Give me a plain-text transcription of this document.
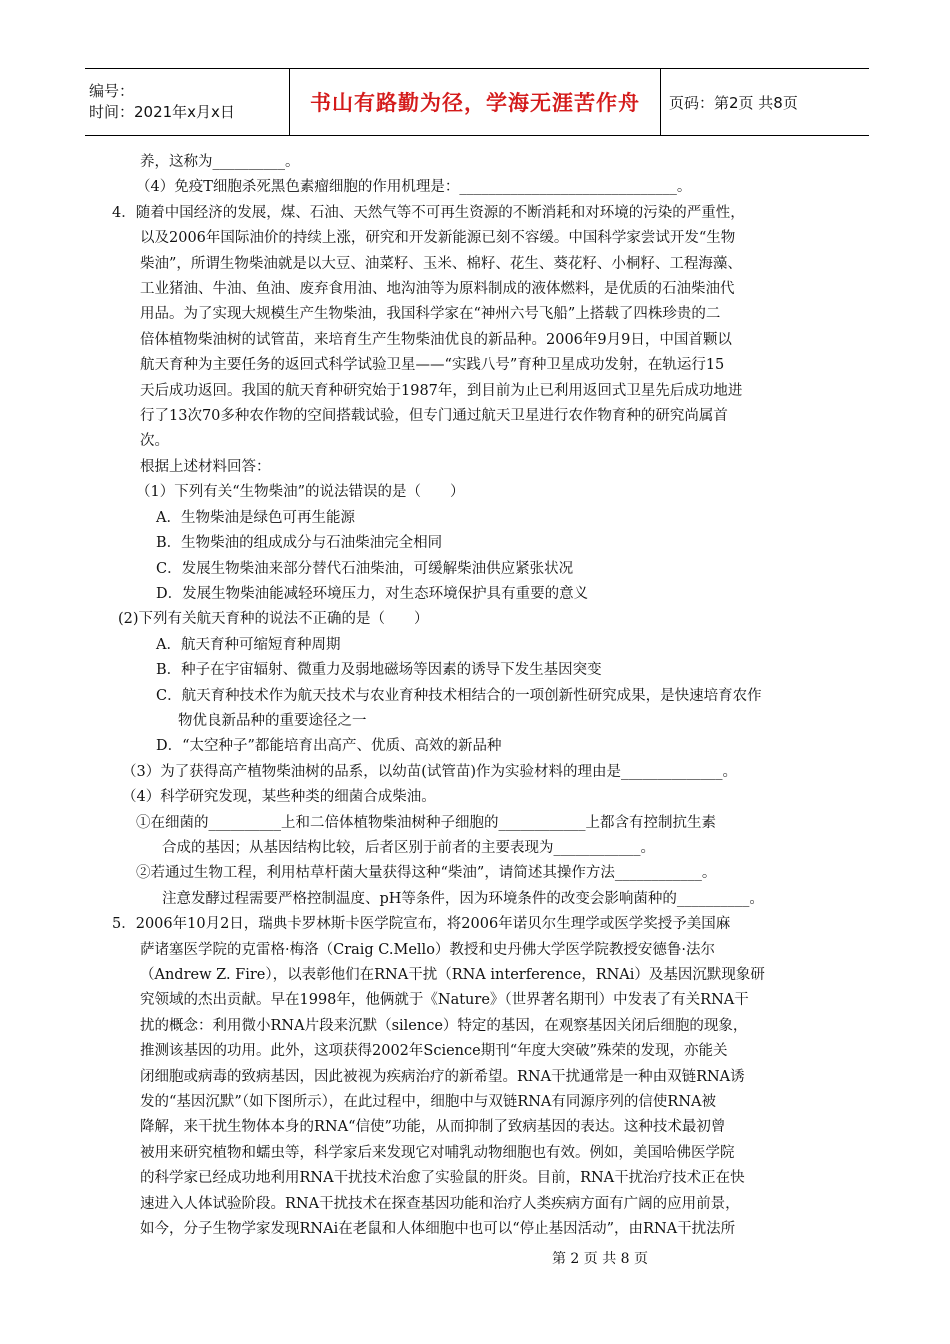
编号：
时间：2021年x月x日	书山有路勤为径，学海无涯苦作舟	页码：第2页 共8页

养，这称为__________。

（4）免疫T细胞杀死黑色素瘤细胞的作用机理是：______________________________。

4．随着中国经济的发展，煤、石油、天然气等不可再生资源的不断消耗和对环境的污染的严重性，

以及2006年国际油价的持续上涨，研究和开发新能源已刻不容缓。中国科学家尝试开发“生物

柴油”，所谓生物柴油就是以大豆、油菜籽、玉米、棉籽、花生、葵花籽、小桐籽、工程海藻、

工业猪油、牛油、鱼油、废弃食用油、地沟油等为原料制成的液体燃料，是优质的石油柴油代

用品。为了实现大规模生产生物柴油，我国科学家在“神州六号飞船”上搭载了四株珍贵的二

倍体植物柴油树的试管苗，来培育生产生物柴油优良的新品种。2006年9月9日，中国首颗以

航天育种为主要任务的返回式科学试验卫星——“实践八号”育种卫星成功发射，在轨运行15

天后成功返回。我国的航天育种研究始于1987年，到目前为止已利用返回式卫星先后成功地进

行了13次70多种农作物的空间搭载试验，但专门通过航天卫星进行农作物育种的研究尚属首

次。

根据上述材料回答：

（1）下列有关“生物柴油”的说法错误的是（　　）

A．生物柴油是绿色可再生能源

B．生物柴油的组成成分与石油柴油完全相同

C．发展生物柴油来部分替代石油柴油，可缓解柴油供应紧张状况

D．发展生物柴油能减轻环境压力，对生态环境保护具有重要的意义

(2)下列有关航天育种的说法不正确的是（　　）

A．航天育种可缩短育种周期

B．种子在宇宙辐射、微重力及弱地磁场等因素的诱导下发生基因突变

C．航天育种技术作为航天技术与农业育种技术相结合的一项创新性研究成果，是快速培育农作

物优良新品种的重要途径之一

D．“太空种子”都能培育出高产、优质、高效的新品种

（3）为了获得高产植物柴油树的品系，以幼苗(试管苗)作为实验材料的理由是______________。

（4）科学研究发现，某些种类的细菌合成柴油。

①在细菌的__________上和二倍体植物柴油树种子细胞的____________上都含有控制抗生素

合成的基因；从基因结构比较，后者区别于前者的主要表现为____________。

②若通过生物工程，利用枯草杆菌大量获得这种“柴油”，请简述其操作方法____________。

注意发酵过程需要严格控制温度、pH等条件，因为环境条件的改变会影响菌种的__________。

5．2006年10月2日，瑞典卡罗林斯卡医学院宣布，将2006年诺贝尔生理学或医学奖授予美国麻

萨诸塞医学院的克雷格·梅洛（Craig C.Mello）教授和史丹佛大学医学院教授安德鲁·法尔

（Andrew Z. Fire），以表彰他们在RNA干扰（RNA interference，RNAi）及基因沉默现象研

究领域的杰出贡献。早在1998年，他俩就于《Nature》（世界著名期刊）中发表了有关RNA干

扰的概念：利用微小RNA片段来沉默（silence）特定的基因，在观察基因关闭后细胞的现象，

推测该基因的功用。此外，这项获得2002年Science期刊“年度大突破”殊荣的发现，亦能关

闭细胞或病毒的致病基因，因此被视为疾病治疗的新希望。RNA干扰通常是一种由双链RNA诱

发的“基因沉默”（如下图所示），在此过程中，细胞中与双链RNA有同源序列的信使RNA被

降解，来干扰生物体本身的RNA“信使”功能，从而抑制了致病基因的表达。这种技术最初曾

被用来研究植物和蠕虫等，科学家后来发现它对哺乳动物细胞也有效。例如，美国哈佛医学院

的科学家已经成功地利用RNA干扰技术治愈了实验鼠的肝炎。目前，RNA干扰治疗技术正在快

速进入人体试验阶段。RNA干扰技术在探查基因功能和治疗人类疾病方面有广阔的应用前景，

如今，分子生物学家发现RNAi在老鼠和人体细胞中也可以“停止基因活动”，由RNA干扰法所

第 2 页 共 8 页
